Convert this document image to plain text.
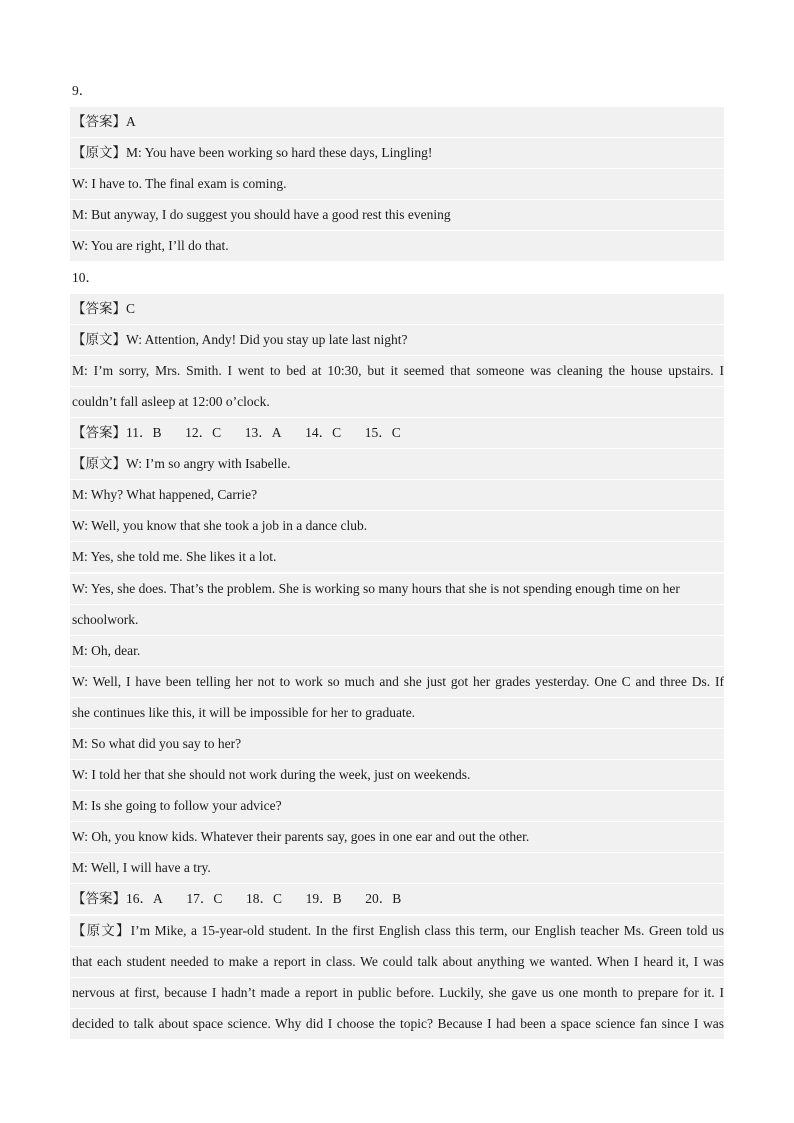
9．
【答案】A
【原文】M: You have been working so hard these days, Lingling!
W: I have to. The final exam is coming.
M: But anyway, I do suggest you should have a good rest this evening
W: You are right, I’ll do that.
10．
【答案】C
【原文】W: Attention, Andy! Did you stay up late last night?
M: I’m sorry, Mrs. Smith. I went to bed at 10:30, but it seemed that someone was cleaning the house upstairs. I
couldn’t fall asleep at 12:00 o’clock.
【答案】11．B       12．C       13．A       14．C       15．C
【原文】W: I’m so angry with Isabelle.
M: Why? What happened, Carrie?
W: Well, you know that she took a job in a dance club.
M: Yes, she told me. She likes it a lot.
W: Yes, she does. That’s the problem. She is working so many hours that she is not spending enough time on her
schoolwork.
M: Oh, dear.
W: Well, I have been telling her not to work so much and she just got her grades yesterday. One C and three Ds. If
she continues like this, it will be impossible for her to graduate.
M: So what did you say to her?
W: I told her that she should not work during the week, just on weekends.
M: Is she going to follow your advice?
W: Oh, you know kids. Whatever their parents say, goes in one ear and out the other.
M: Well, I will have a try.
【答案】16．A       17．C       18．C       19．B       20．B
【原文】I’m Mike, a 15-year-old student. In the first English class this term, our English teacher Ms. Green told us
that each student needed to make a report in class. We could talk about anything we wanted. When I heard it, I was
nervous at first, because I hadn’t made a report in public before. Luckily, she gave us one month to prepare for it. I
decided to talk about space science. Why did I choose the topic? Because I had been a space science fan since I was
